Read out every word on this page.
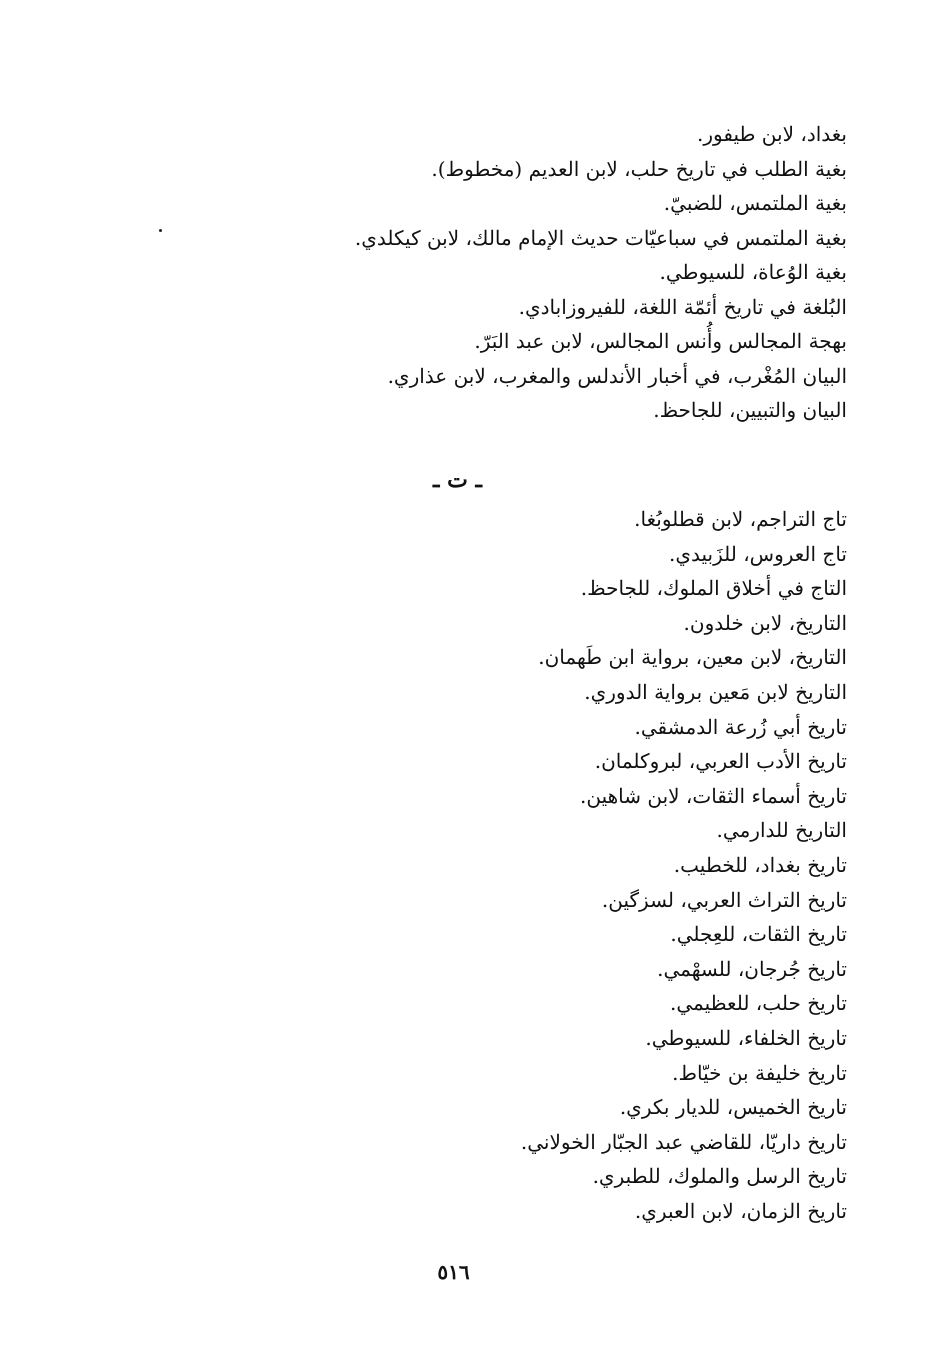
بغداد، لابن طيفور.
بغية الطلب في تاريخ حلب، لابن العديم (مخطوط).
بغية الملتمس، للضبيّ.
بغية الملتمس في سباعيّات حديث الإمام مالك، لابن كيكلدي.
بغية الوُعاة، للسيوطي.
البُلغة في تاريخ أئمّة اللغة، للفيروزابادي.
بهجة المجالس وأُنس المجالس، لابن عبد البَرّ.
البيان المُغْرب، في أخبار الأندلس والمغرب، لابن عذاري.
البيان والتبيين، للجاحظ.
ـ ت ـ
تاج التراجم، لابن قطلوبُغا.
تاج العروس، للزَبيدي.
التاج في أخلاق الملوك، للجاحظ.
التاريخ، لابن خلدون.
التاريخ، لابن معين، برواية ابن طَهمان.
التاريخ لابن مَعين برواية الدوري.
تاريخ أبي زُرعة الدمشقي.
تاريخ الأدب العربي، لبروكلمان.
تاريخ أسماء الثقات، لابن شاهين.
التاريخ للدارمي.
تاريخ بغداد، للخطيب.
تاريخ التراث العربي، لسزگين.
تاريخ الثقات، للعِجلي.
تاريخ جُرجان، للسهْمي.
تاريخ حلب، للعظيمي.
تاريخ الخلفاء، للسيوطي.
تاريخ خليفة بن خيّاط.
تاريخ الخميس، للديار بكري.
تاريخ داريّا، للقاضي عبد الجبّار الخولاني.
تاريخ الرسل والملوك، للطبري.
تاريخ الزمان، لابن العبري.
٥١٦
